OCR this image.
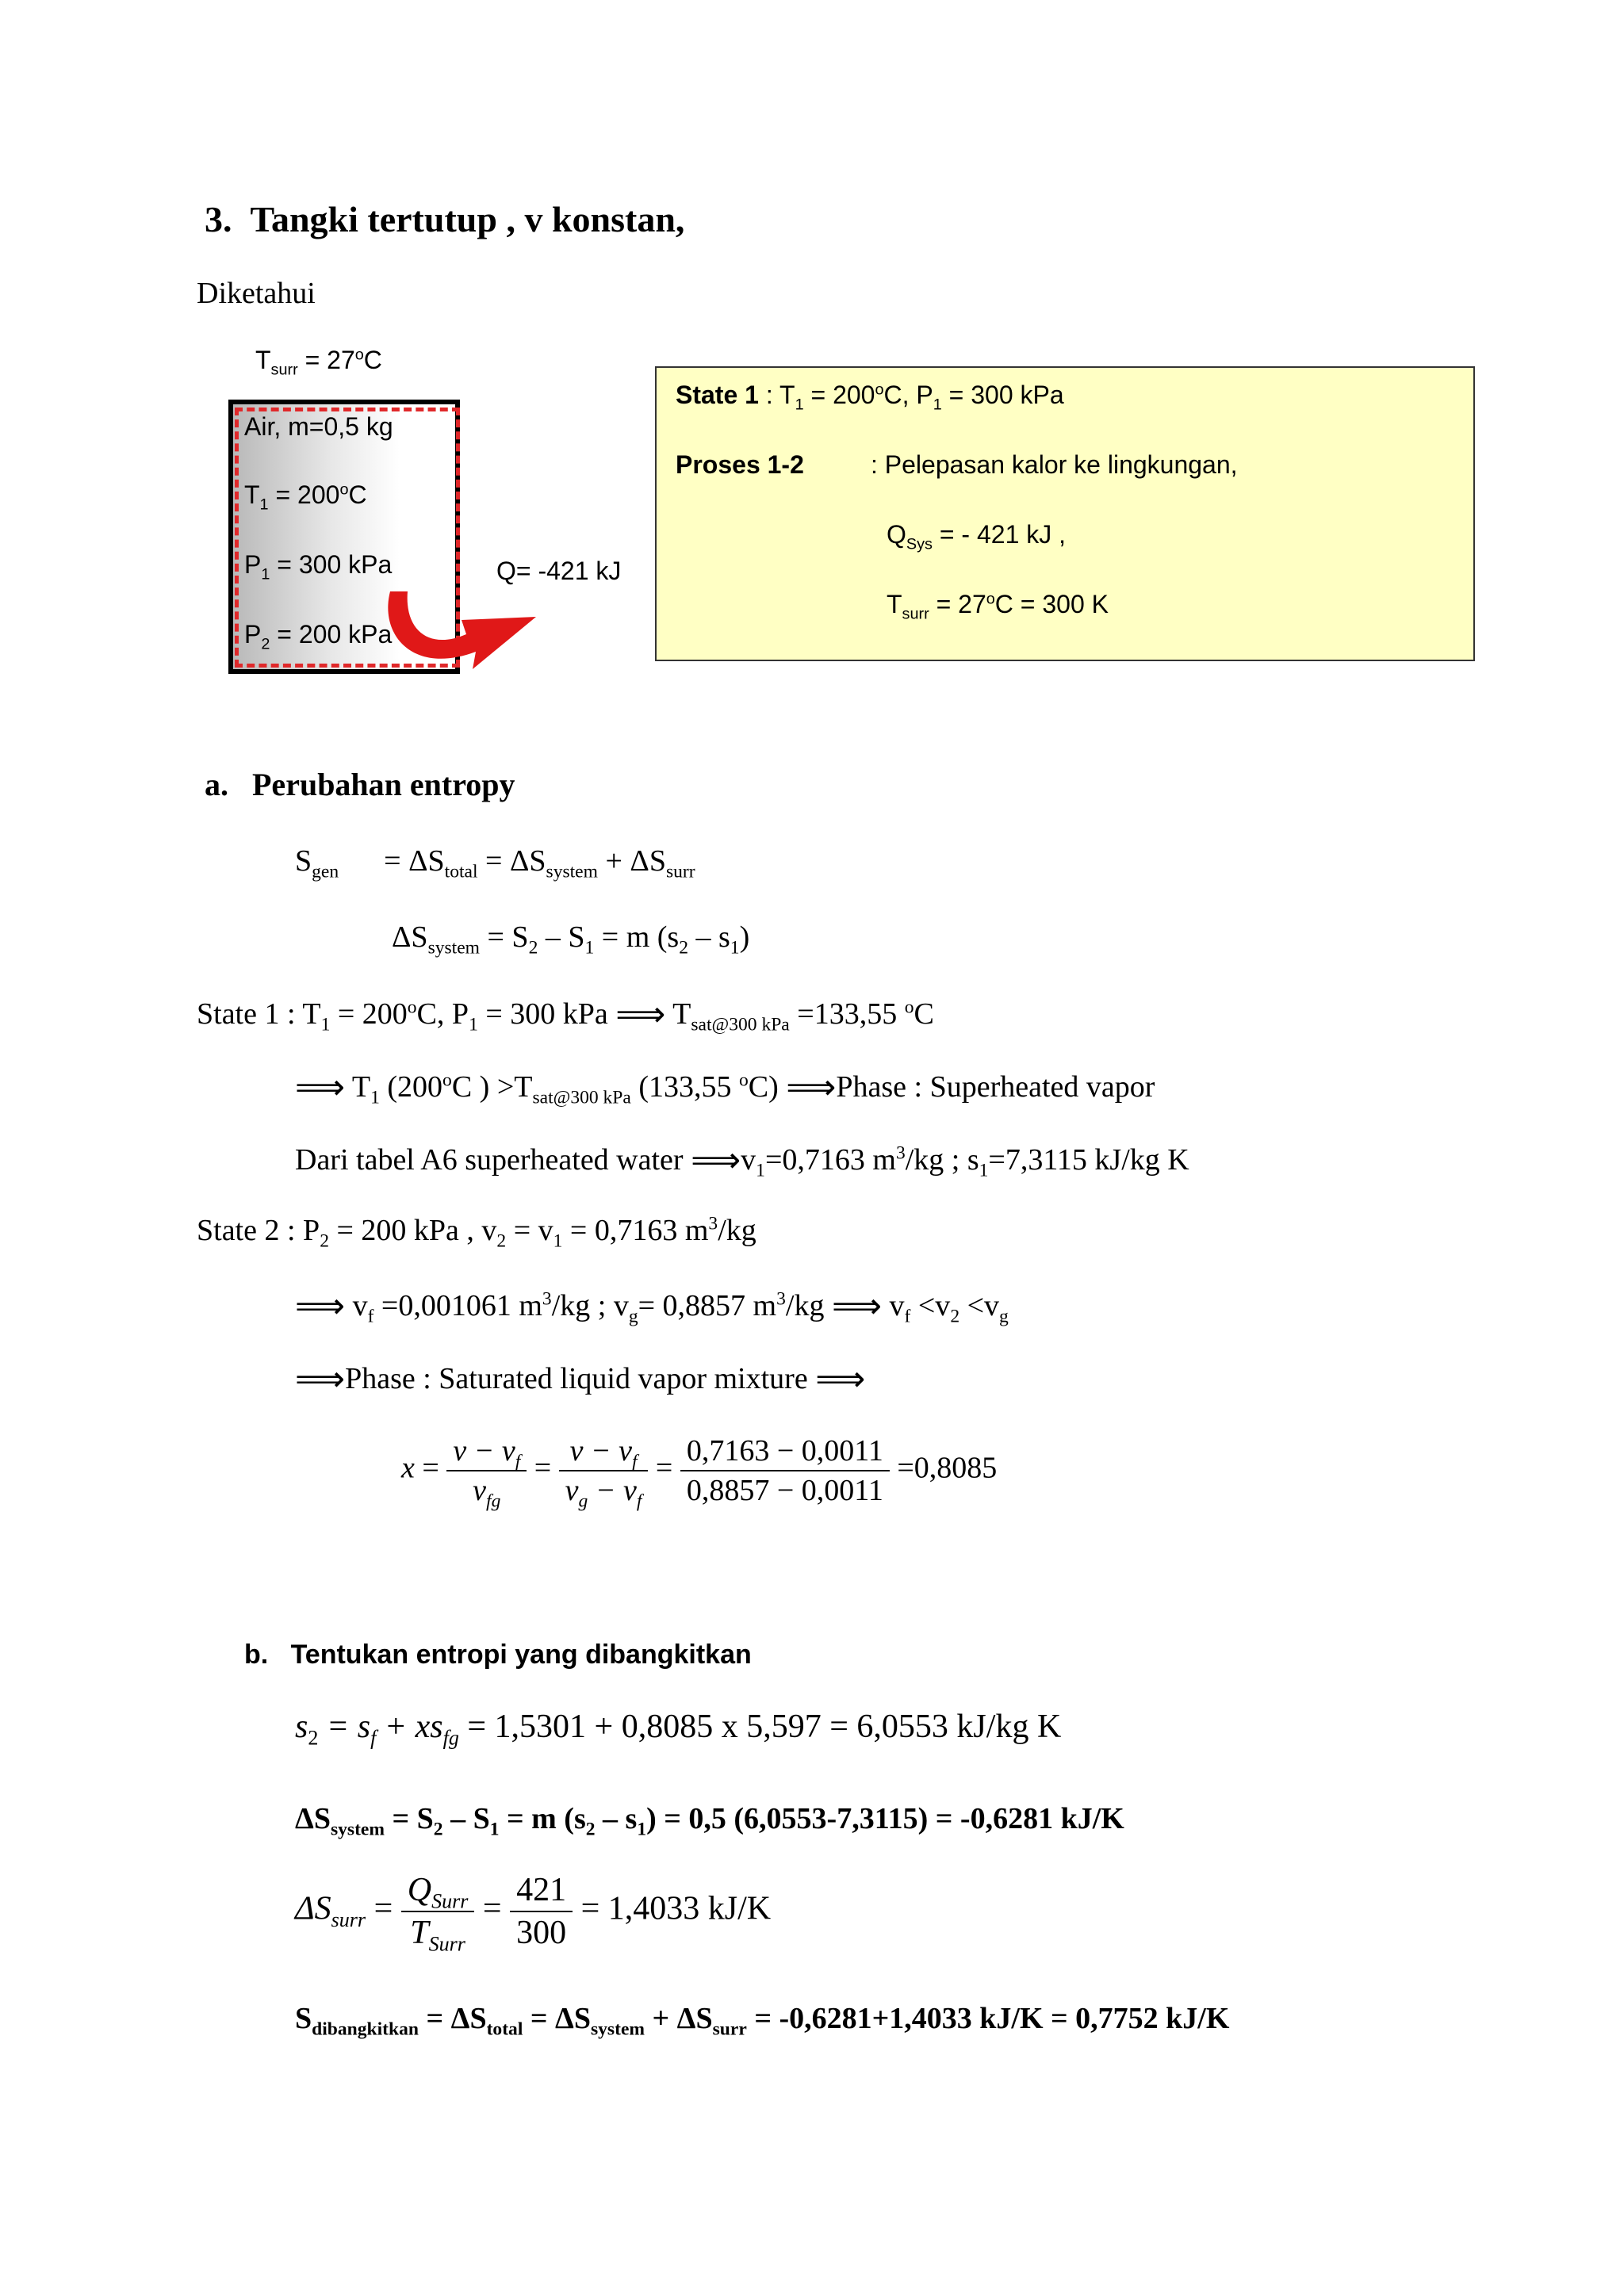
3. Tangki tertutup , v konstan,
Diketahui
$T_{surr} = 27^oC$
Air, m=0,5 kg
$T_1 = 200^oC$
$P_1 = 300$ kPa
$P_2 = 200$ kPa
Q= -421 kJ
State 1 : $T_1 = 200^oC$, $P_1 = 300$ kPa
Proses 1-2	: Pelepasan kalor ke lingkungan,
$Q_{Sys}$ = - 421 kJ ,
$T_{surr} = 27^oC = 300$ K
a. Perubahan entropy
$S_{gen} = \Delta S_{total} = \Delta S_{system} + \Delta S_{surr}$
$\Delta S_{system} = S_2 - S_1 = m$ $(s_2 - s_1)$
State 1 : $T_1 = 200^oC$, $P_1 = 300$ kPa ⟹ $T_{sat@300 kPa} =133,55$ $^o$C
⟹ $T_1$ (200$^o$C ) $>T_{sat@300 kPa}$ (133,55 $^o$C) ⟹Phase : Superheated vapor
Dari tabel A6 superheated water $⟹v_1=0,7163$ $m^3/kg$ ; $s_1=7,3115$ kJ/kg K
State 2 : $P_2 = 200$ kPa , $v_2 = v_1 = 0,7163$ $m^3/kg$
⟹ $v_f =0,001061$ $m^3/kg$ ; $v_g= 0,8857$ $m^3/kg$ ⟹ $v_f <v_2 <v_g$
⟹Phase : Saturated liquid vapor mixture ⟹
$x = \frac{v - v_f}{v_{fg}} = \frac{v - v_f}{v_g - v_f} = \frac{0,7163 - 0,0011}{0,8857 - 0,0011} =0,8085$
b. Tentukan entropi yang dibangkitkan
$s_2 = s_f + xs_{fg} = 1,5301 + 0,8085$ x 5,597 = 6,0553 kJ/kg K
$\Delta S_{system} = S_2 - S_1 = m$ $(s_2 - s_1) = 0,5$ (6,0553-7,3115) = -0,6281 kJ/K
$\Delta S_{surr} = \frac{Q_{Surr}}{T_{Surr}} = \frac{421}{300} = 1,4033$ kJ/K
$S_{dibangkitkan} = \Delta S_{total} = \Delta S_{system} + \Delta S_{surr} = -0,6281+1,4033$ kJ/K = 0,7752 kJ/K
